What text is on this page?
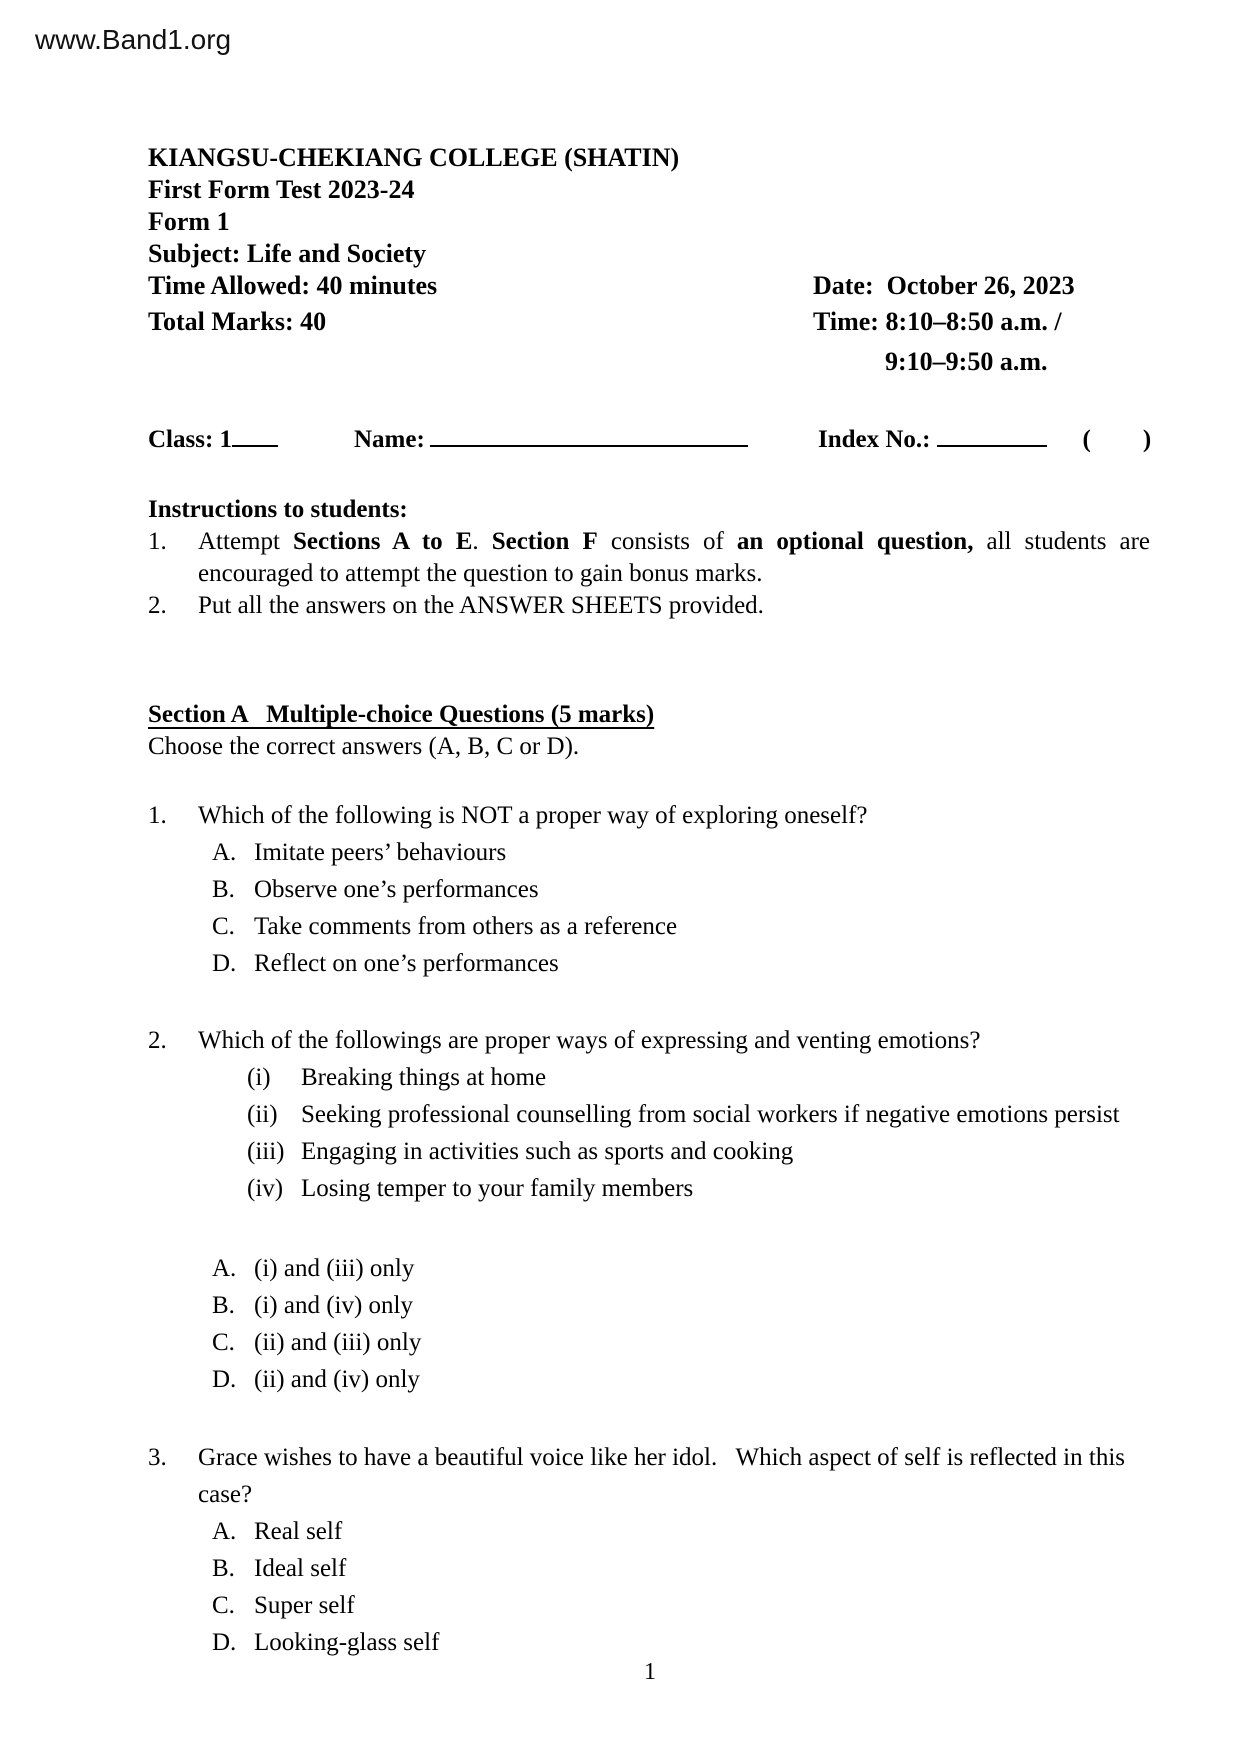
www.Band1.org
KIANGSU-CHEKIANG COLLEGE (SHATIN)
First Form Test 2023-24
Form 1
Subject: Life and Society
Time Allowed: 40 minutes	Date:  October 26, 2023
Total Marks: 40	Time: 8:10–8:50 a.m. /
9:10–9:50 a.m.
Class: 1	Name:	Index No.:	( )
Instructions to students:
1. Attempt Sections A to E. Section F consists of an optional question, all students are
encouraged to attempt the question to gain bonus marks.
2. Put all the answers on the ANSWER SHEETS provided.
Section A   Multiple-choice Questions (5 marks)
Choose the correct answers (A, B, C or D).
1. Which of the following is NOT a proper way of exploring oneself?
A. Imitate peers’ behaviours
B. Observe one’s performances
C. Take comments from others as a reference
D. Reflect on one’s performances
2. Which of the followings are proper ways of expressing and venting emotions?
(i) Breaking things at home
(ii) Seeking professional counselling from social workers if negative emotions persist
(iii) Engaging in activities such as sports and cooking
(iv) Losing temper to your family members
A. (i) and (iii) only
B. (i) and (iv) only
C. (ii) and (iii) only
D. (ii) and (iv) only
3. Grace wishes to have a beautiful voice like her idol.   Which aspect of self is reflected in this case?
A. Real self
B. Ideal self
C. Super self
D. Looking-glass self
1
